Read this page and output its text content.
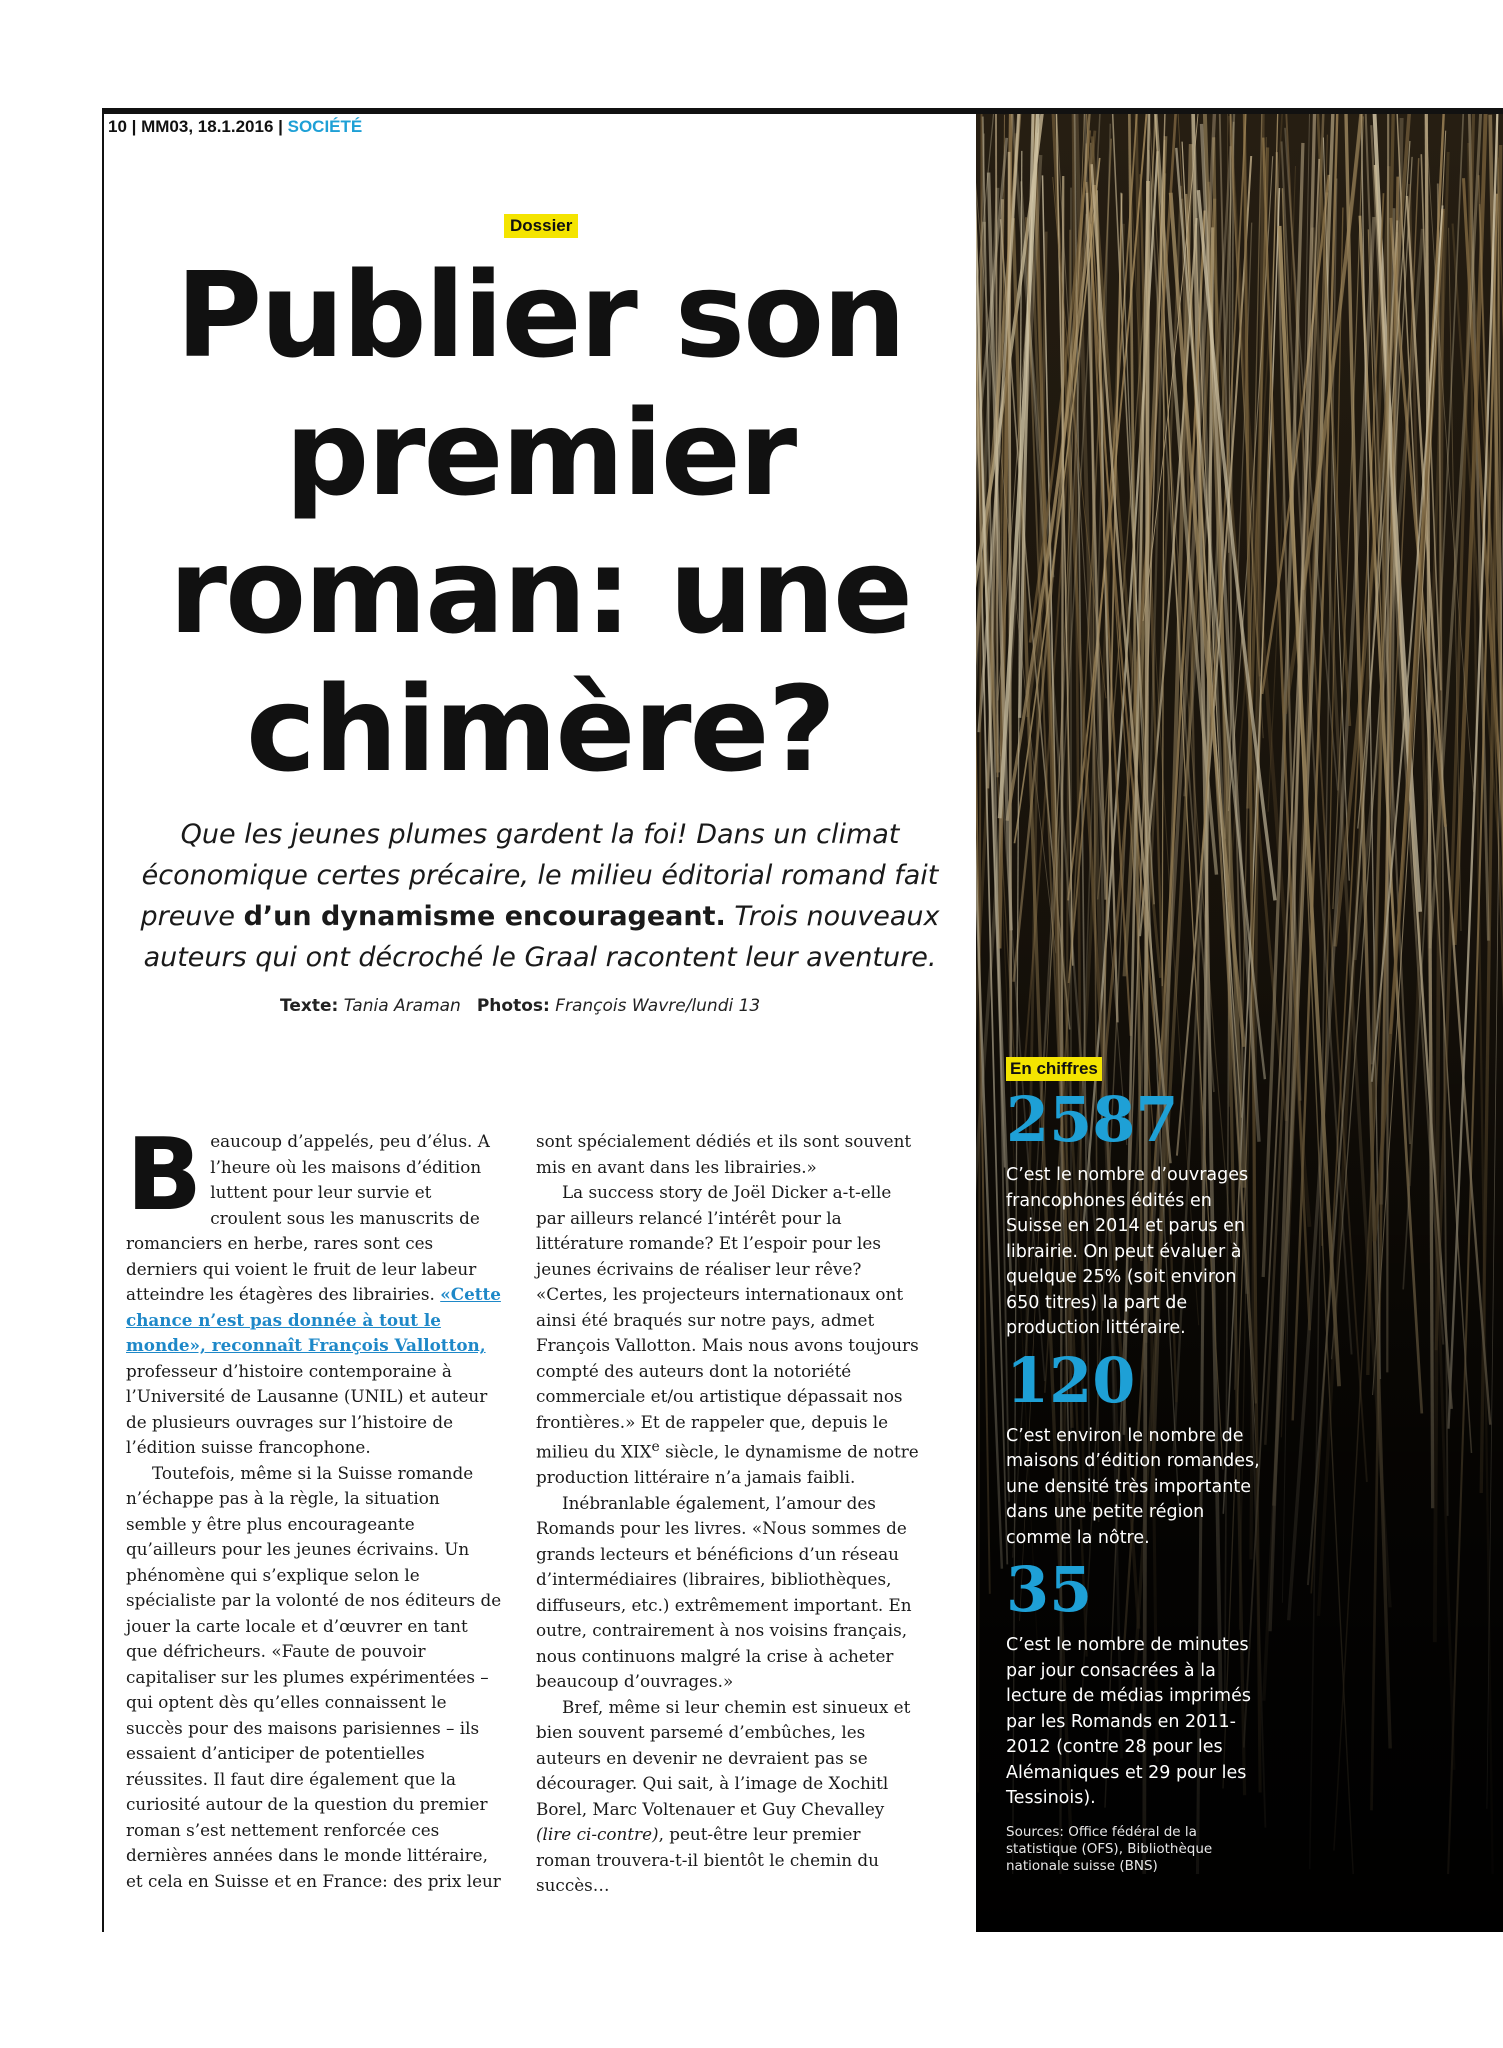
10 | MM03, 18.1.2016 | SOCIÉTÉ
Dossier
Publier son premier roman: une chimère?

Que les jeunes plumes gardent la foi! Dans un climat économique certes précaire, le milieu éditorial romand fait preuve d’un dynamisme encourageant. Trois nouveaux auteurs qui ont décroché le Graal racontent leur aventure.

Texte: Tania Araman Photos: François Wavre/lundi 13

Beaucoup d’appelés, peu d’élus. A l’heure où les maisons d’édition luttent pour leur survie et croulent sous les manuscrits de romanciers en herbe, rares sont ces derniers qui voient le fruit de leur labeur atteindre les étagères des librairies. «Cette chance n’est pas donnée à tout le monde», reconnaît François Vallotton, professeur d’histoire contemporaine à l’Université de Lausanne (UNIL) et auteur de plusieurs ouvrages sur l’histoire de l’édition suisse francophone.

Toutefois, même si la Suisse romande n’échappe pas à la règle, la situation semble y être plus encourageante qu’ailleurs pour les jeunes écrivains. Un phénomène qui s’explique selon le spécialiste par la volonté de nos éditeurs de jouer la carte locale et d’œuvrer en tant que défricheurs. «Faute de pouvoir capitaliser sur les plumes expérimentées – qui optent dès qu’elles connaissent le succès pour des maisons parisiennes – ils essaient d’anticiper de potentielles réussites. Il faut dire également que la curiosité autour de la question du premier roman s’est nettement renforcée ces dernières années dans le monde littéraire, et cela en Suisse et en France: des prix leur

sont spécialement dédiés et ils sont souvent mis en avant dans les librairies.»

La success story de Joël Dicker a-t-elle par ailleurs relancé l’intérêt pour la littérature romande? Et l’espoir pour les jeunes écrivains de réaliser leur rêve? «Certes, les projecteurs internationaux ont ainsi été braqués sur notre pays, admet François Vallotton. Mais nous avons toujours compté des auteurs dont la notoriété commerciale et/ou artistique dépassait nos frontières.» Et de rappeler que, depuis le milieu du XIXe siècle, le dynamisme de notre production littéraire n’a jamais faibli.

Inébranlable également, l’amour des Romands pour les livres. «Nous sommes de grands lecteurs et bénéficions d’un réseau d’intermédiaires (libraires, bibliothèques, diffuseurs, etc.) extrêmement important. En outre, contrairement à nos voisins français, nous continuons malgré la crise à acheter beaucoup d’ouvrages.»

Bref, même si leur chemin est sinueux et bien souvent parsemé d’embûches, les auteurs en devenir ne devraient pas se décourager. Qui sait, à l’image de Xochitl Borel, Marc Voltenauer et Guy Chevalley (lire ci-contre), peut-être leur premier roman trouvera-t-il bientôt le chemin du succès…

En chiffres
2587
C’est le nombre d’ouvrages francophones édités en Suisse en 2014 et parus en librairie. On peut évaluer à quelque 25% (soit environ 650 titres) la part de production littéraire.
120
C’est environ le nombre de maisons d’édition romandes, une densité très importante dans une petite région comme la nôtre.
35
C’est le nombre de minutes par jour consacrées à la lecture de médias imprimés par les Romands en 2011-2012 (contre 28 pour les Alémaniques et 29 pour les Tessinois).
Sources: Office fédéral de la statistique (OFS), Bibliothèque nationale suisse (BNS)
